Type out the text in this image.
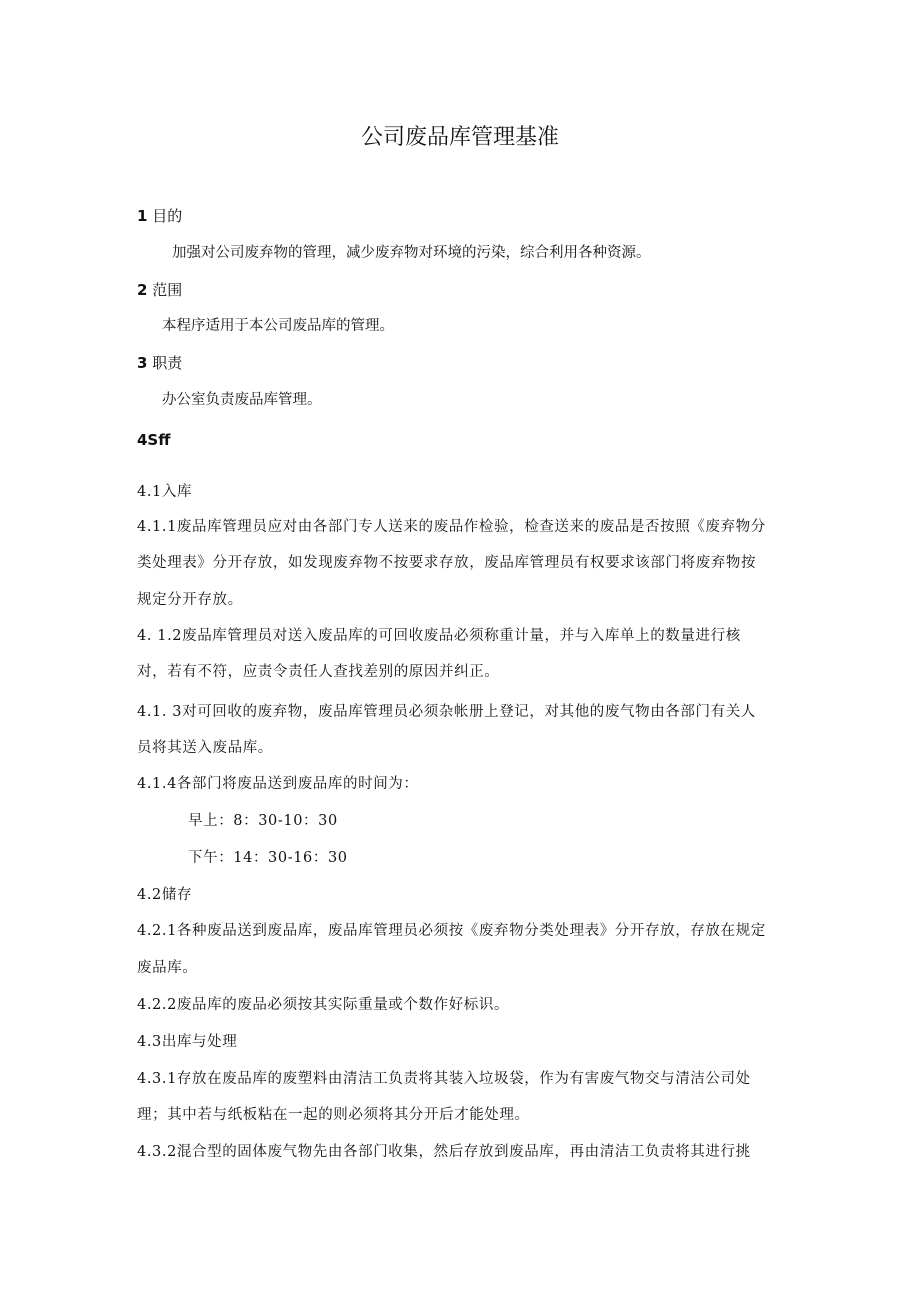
公司废品库管理基准
1 目的
加强对公司废弃物的管理，减少废弃物对环境的污染，综合利用各种资源。
2 范围
本程序适用于本公司废品库的管理。
3 职责
办公室负责废品库管理。
4Sff
4.1入库
4.1.1废品库管理员应对由各部门专人送来的废品作检验，检查送来的废品是否按照《废弃物分
类处理表》分开存放，如发现废弃物不按要求存放，废品库管理员有权要求该部门将废弃物按
规定分开存放。
4. 1.2废品库管理员对送入废品库的可回收废品必须称重计量，并与入库单上的数量进行核
对，若有不符，应责令责任人查找差别的原因并纠正。
4.1. 3对可回收的废弃物，废品库管理员必须杂帐册上登记，对其他的废气物由各部门有关人
员将其送入废品库。
4.1.4各部门将废品送到废品库的时间为：
早上：8：30-10：30
下午：14：30-16：30
4.2储存
4.2.1各种废品送到废品库，废品库管理员必须按《废弃物分类处理表》分开存放，存放在规定
废品库。
4.2.2废品库的废品必须按其实际重量或个数作好标识。
4.3出库与处理
4.3.1存放在废品库的废塑料由清洁工负责将其装入垃圾袋，作为有害废气物交与清洁公司处
理；其中若与纸板粘在一起的则必须将其分开后才能处理。
4.3.2混合型的固体废气物先由各部门收集，然后存放到废品库，再由清洁工负责将其进行挑
